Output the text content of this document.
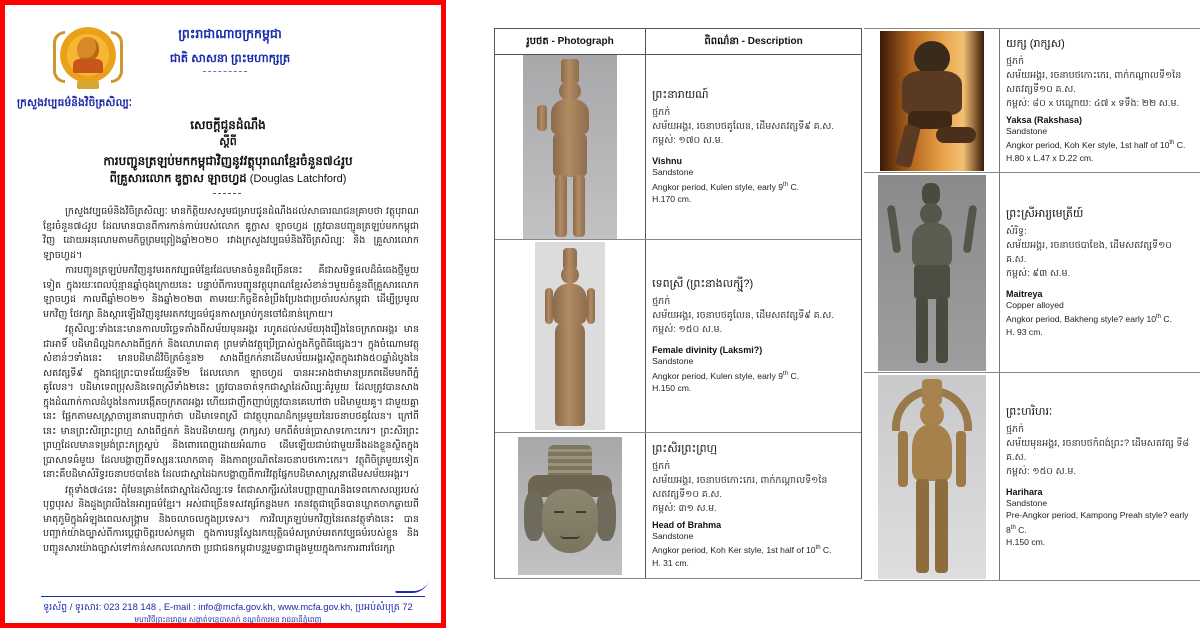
ក្រសួងវប្បធម៌និងវិចិត្រសិល្បៈ
ព្រះរាជាណាចក្រកម្ពុជា
ជាតិ សាសនា ព្រះមហាក្សត្រ
សេចក្តីជូនដំណឹង
ស្តីពី
ការបញ្ជូនត្រឡប់មកកម្ពុជាវិញនូវវត្ថុបុរាណខ្មែរចំនួន៧៤រូប
ពីគ្រួសារលោក ឌូក្លាស ឡាចហ្វដ (Douglas Latchford)

ក្រសួងវប្បធម៌និងវិចិត្រសិល្បៈ មានកិត្តិយសសូមជម្រាបជូនដំណឹងដល់សាធារណជនគ្រាបថា វត្ថុបុរាណខ្មែរចំនួន៧៤រូប ដែលមានបានពីការកាន់កាប់របស់លោក ឌូក្លាស ឡាចហ្វដ ត្រូវបានបញ្ជូនត្រឡប់មកកម្ពុជាវិញ ដោយអនុលោមតាមកិច្ចព្រមព្រៀងឆ្នាំ២០២០ រវាងក្រសួងវប្បធម៌និងវិចិត្រសិល្បៈ និង គ្រួសារលោក ឡាចហ្វដ។

ការបញ្ជូនត្រឡប់មកវិញនូវមរតកវប្បធម៌ខ្មែរដែលមានចំនួនដ៏ច្រើននេះ គឺជាសមិទ្ធផលដ៏ធំធេងថ្មីមួយទៀត ក្នុងរយៈពេលប៉ុន្មានឆ្នាំចុងក្រោយនេះ បន្ទាប់ពីការបញ្ជូនវត្ថុបុរាណខ្មែរសំខាន់ៗមួយចំនួនពីគ្រួសារលោក ឡាចហ្វដ កាលពីឆ្នាំ២០២១ និងឆ្នាំ២០២៣ តាមរយៈកិច្ចខិតខំប្រឹងប្រែងជាប្រចាំរបស់កម្ពុជា ដើម្បីប្រមូលមកវិញ ថែរក្សា និងស្តារឡើងវិញនូវមរតកវប្បធម៌ជូនកាសម្រាប់កូនចៅជំនាន់ក្រោយ។

វត្ថុសិល្បៈទាំងនេះមានកាលបរិច្ឆេទតាំងពីសម័យមុនអង្គរ រហូតដល់សម័យរុងរឿងនៃចក្រភពអង្គរ មានជាអាទិ៍ បដិមាដ៏ល្អឯកសាងពីថ្មភក់ និងលោហធាតុ ព្រមទាំងវត្ថុប្រើប្រាស់ក្នុងកិច្ចពិធីផ្សេងៗ។ ក្នុងចំណោមវត្ថុសំខាន់ៗទាំងនេះ មានបដិមាដ៏វិចិត្រចំនួន២ សាងពីថ្មភក់នាដើមសម័យអង្គរស្ថិតក្នុងរវាង៥០ឆ្នាំដំបូងនៃសតវត្សទី៩ ក្នុងរាជ្យព្រះបាទជ័យវរ្ម័នទី២ ដែលលោក ឡាចហ្វដ បានអះអាងថាមានប្រភពដើមមកពីភ្នំគូលែន។ បដិមាទេពប្រុសនិងទេពស្រីទាំង២នេះ ត្រូវបានចាត់ទុកជាស្នាដៃសិល្បៈគំរូមួយ ដែលត្រូវបានសាងក្នុងដំណាក់កាលដំបូងនៃការបង្កើតចក្រភពអង្គរ ហើយជាញឹកញាប់ត្រូវបានគេហៅថា បដិមាមួយគូ។ ជាមួយគ្នានេះ ផ្អែកតាមសស្ត្រាចារ្យនានាបញ្ជាក់ថា បដិមាទេពស្រី ជាវត្ថុបុរាណដ៏កម្រមួយនៃរចនាបថគូលែន។ ក្រៅពីនេះ មានព្រះសិរព្រះព្រហ្ម សាងពីថ្មភក់ និងបដិមាយក្ស (រាក្សស) មកពីតំបន់ប្រាសាទកោះកេរ។ ព្រះសិរព្រះព្រហ្មដែលមានទម្រង់ព្រះភក្ត្រស្ងប់ និងពោរពេញដោយអំណាច ដើមឡើយជាប់ជាមួយនឹងដងខ្លួនស្ថិតក្នុងប្រាសាទធំមួយ ដែលបង្ហាញពីទស្សនៈលោកធាតុ និងភាពប្រណិតនៃរចនាបថកោះកេរ។ វត្ថុពិចិត្រមួយទៀតនោះគឺបដិមាសំរិទ្ធរចនាបថបាខែង ដែលជាស្នាដៃឯកបង្ហាញពីការវិវត្តផ្នែកបដិមាសាស្ត្រនាដើមសម័យអង្គរ។

វត្ថុទាំង៧៤នេះ ពុំមែនគ្រាន់តែជាស្នាដៃសិល្បៈទេ តែជាសាក្សីរស់នៃបញ្ញាញាណនិងទេពកោសល្យរបស់បុព្វបុរស និងដួងព្រលឹងនៃអារ្យធម៌ខ្មែរ។ អស់ជាច្រើនទសវត្សរ៍កន្លងមក រតនវត្ថុជាច្រើនបានឃ្លាតចាកឆ្ងាយពីមាតុភូមិក្នុងអំឡុងពេលសង្គ្រាម និងចលាចលក្នុងប្រទេស។ ការវិលត្រឡប់មកវិញនៃរតនវត្ថុទាំងនេះ បានបញ្ជាក់យ៉ាងច្បាស់ពីការប្តេជ្ញាចិត្តរបស់កម្ពុជា ក្នុងការបន្តស្វែងរកយុត្តិធម៌សម្រាប់មរតកវប្បធម៌របស់ខ្លួន និងបញ្ជូនសារយ៉ាងច្បាស់ទៅកាន់សកលលោកថា ប្រជាជនកម្ពុជាបន្តរួមគ្នាជាធ្លុងមួយក្នុងការការពារថែរក្សា

ទូរស័ព្ទ / ទូរសារ: 023 218 148 , E-mail : info@mcfa.gov.kh, www.mcfa.gov.kh, ប្រអប់សំបុត្រ 72
មហាវិថីព្រះនរោត្តម សង្កាត់ទន្លេបាសាក់ ខណ្ឌចំការមន រាជធានីភ្នំពេញ
រូបថត - Photograph	ពិពណ៌នា - Description
ព្រះនារាយណ៍
ថ្មភក់
សម័យអង្គរ, រចនាបថគូលែន, ដើមសតវត្សទី៩ គ.ស.
កម្ពស់: ១៧០ ស.ម.
Vishnu
Sandstone
Angkor period, Kulen style, early 9th C.
H.170 cm.
ទេពស្រី (ព្រះនាងលក្ស្មី?)
ថ្មភក់
សម័យអង្គរ, រចនាបថគូលែន, ដើមសតវត្សទី៩ គ.ស.
កម្ពស់: ១៥០ ស.ម.
Female divinity (Laksmi?)
Sandstone
Angkor period, Kulen style, early 9th C.
H.150 cm.
ព្រះសិរព្រះព្រហ្ម
ថ្មភក់
សម័យអង្គរ, រចនាបថកោះកេរ, ពាក់កណ្តាលទី១នៃ សតវត្សទី១០ គ.ស.
កម្ពស់: ៣១ ស.ម.
Head of Brahma
Sandstone
Angkor period, Koh Ker style, 1st half of 10th C.
H. 31 cm.
យក្ស (រាក្សស)
ថ្មភក់
សម័យអង្គរ, រចនាបថកោះកេរ, ពាក់កណ្តាលទី១នៃ សតវត្សទី១០ គ.ស.
កម្ពស់: ៨០ x បណ្តោយ: ៤៧ x ទទឹង: ២២ ស.ម.
Yaksa (Rakshasa)
Sandstone
Angkor period, Koh Ker style, 1st half of 10th C.
H.80 x L.47 x D.22 cm.
ព្រះស្រីអារ្យមេត្រីយ៍
សំរិទ្ធ:
សម័យអង្គរ, រចនាបថបាខែង, ដើមសតវត្សទី១០ គ.ស.
កម្ពស់: ៩៣ ស.ម.
Maitreya
Copper alloyed
Angkor period, Bakheng style? early 10th C.
H. 93 cm.
ព្រះហរិហរៈ
ថ្មភក់
សម័យមុនអង្គរ, រចនាបថកំពង់ព្រះ? ដើមសតវត្ស ទី៨ គ.ស.
កម្ពស់: ១៥០ ស.ម.
Harihara
Sandstone
Pre-Angkor period, Kampong Preah style? early 8th C.
H.150 cm.
